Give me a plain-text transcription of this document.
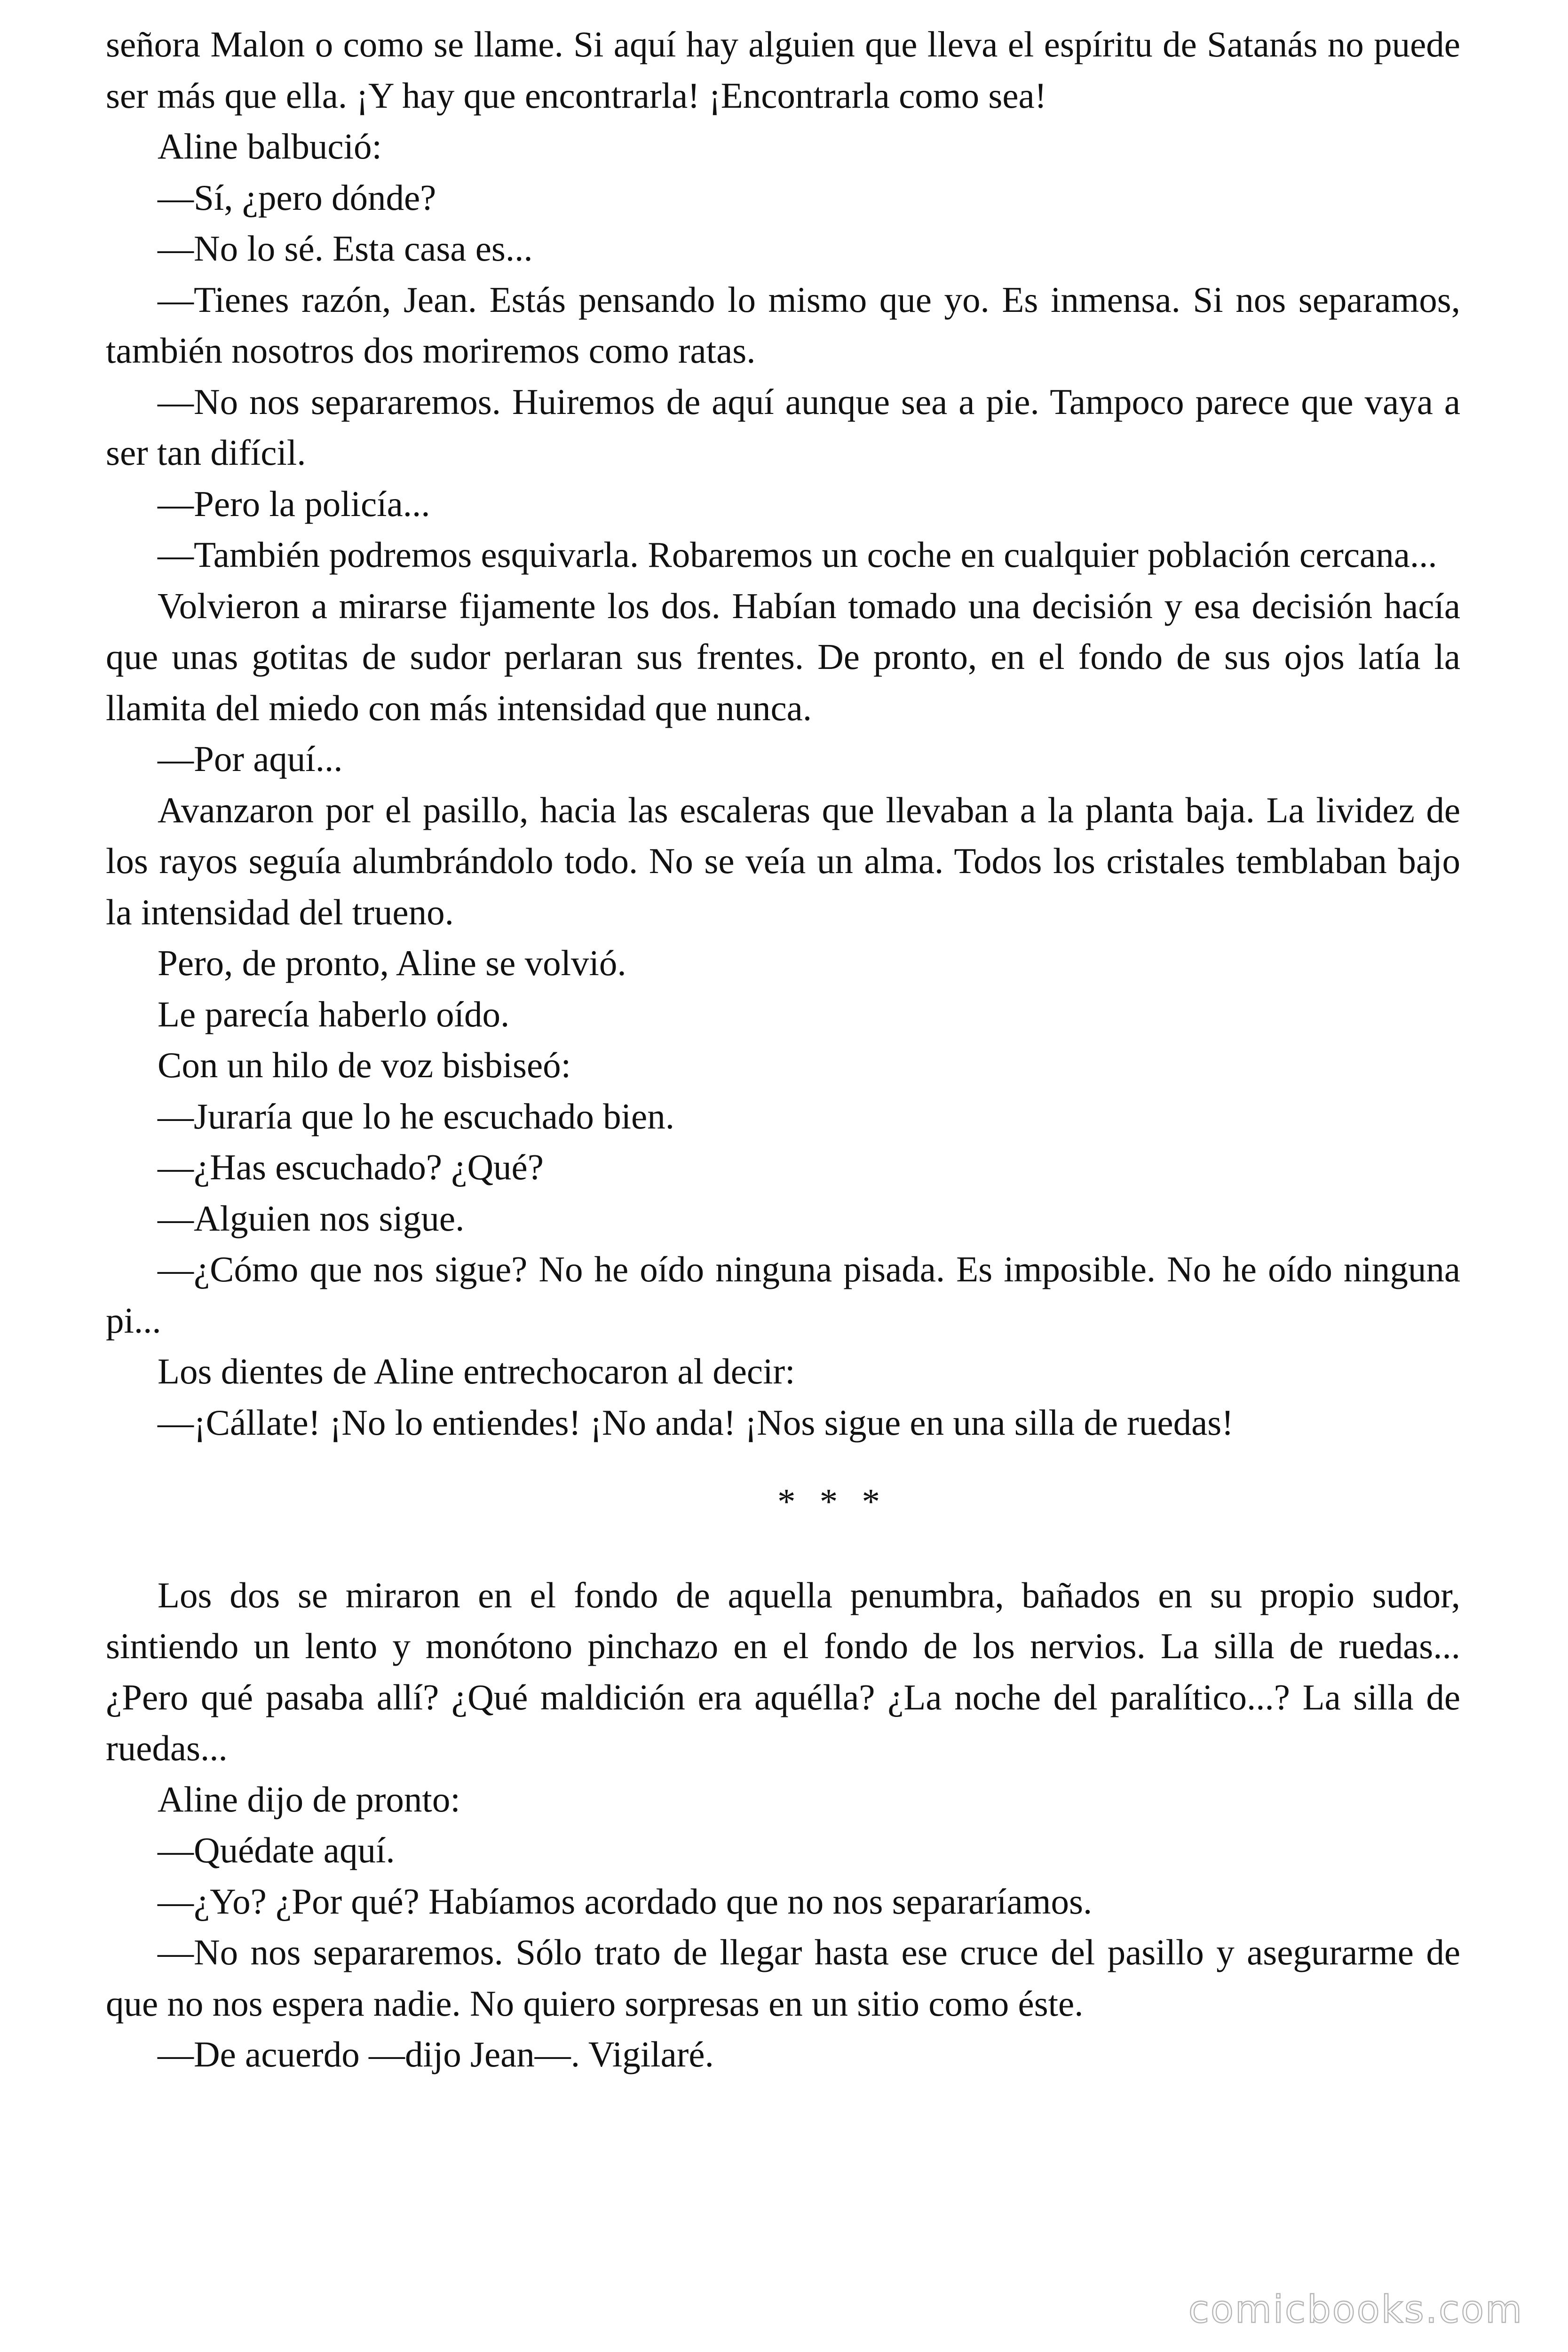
señora Malon o como se llame. Si aquí hay alguien que lleva el espíritu de Satanás no puede ser más que ella. ¡Y hay que encontrarla! ¡Encontrarla como sea!

Aline balbució:

—Sí, ¿pero dónde?

—No lo sé. Esta casa es...

—Tienes razón, Jean. Estás pensando lo mismo que yo. Es inmensa. Si nos separamos, también nosotros dos moriremos como ratas.

—No nos separaremos. Huiremos de aquí aunque sea a pie. Tampoco parece que vaya a ser tan difícil.

—Pero la policía...

—También podremos esquivarla. Robaremos un coche en cualquier población cercana...

Volvieron a mirarse fijamente los dos. Habían tomado una decisión y esa decisión hacía que unas gotitas de sudor perlaran sus frentes. De pronto, en el fondo de sus ojos latía la llamita del miedo con más intensidad que nunca.

—Por aquí...

Avanzaron por el pasillo, hacia las escaleras que llevaban a la planta baja. La lividez de los rayos seguía alumbrándolo todo. No se veía un alma. Todos los cristales temblaban bajo la intensidad del trueno.

Pero, de pronto, Aline se volvió.

Le parecía haberlo oído.

Con un hilo de voz bisbiseó:

—Juraría que lo he escuchado bien.

—¿Has escuchado? ¿Qué?

—Alguien nos sigue.

—¿Cómo que nos sigue? No he oído ninguna pisada. Es imposible. No he oído ninguna pi...

Los dientes de Aline entrechocaron al decir:

—¡Cállate! ¡No lo entiendes! ¡No anda! ¡Nos sigue en una silla de ruedas!

* * *

Los dos se miraron en el fondo de aquella penumbra, bañados en su propio sudor, sintiendo un lento y monótono pinchazo en el fondo de los nervios. La silla de ruedas... ¿Pero qué pasaba allí? ¿Qué maldición era aquélla? ¿La noche del paralítico...? La silla de ruedas...

Aline dijo de pronto:

—Quédate aquí.

—¿Yo? ¿Por qué? Habíamos acordado que no nos separaríamos.

—No nos separaremos. Sólo trato de llegar hasta ese cruce del pasillo y asegurarme de que no nos espera nadie. No quiero sorpresas en un sitio como éste.

—De acuerdo —dijo Jean—. Vigilaré.

comicbooks.com
